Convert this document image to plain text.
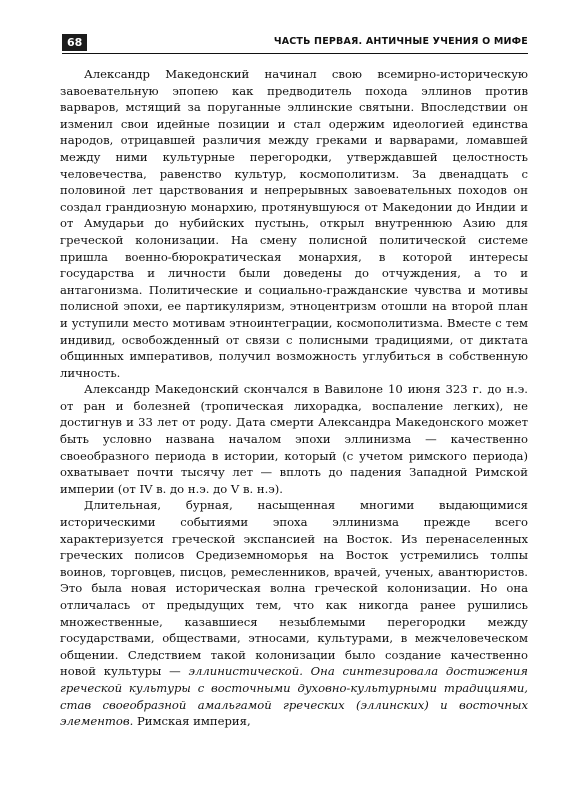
68	ЧАСТЬ ПЕРВАЯ. АНТИЧНЫЕ УЧЕНИЯ О МИФЕ

Александр Македонский начинал свою всемирно-историческую завоевательную эпопею как предводитель похода эллинов против варваров, мстящий за поруганные эллинские святыни. Впоследствии он изменил свои идейные позиции и стал одержим идеологией единства народов, отрицавшей различия между греками и варварами, ломавшей между ними культурные перегородки, утверждавшей целостность человечества, равенство культур, космополитизм. За двенадцать с половиной лет царствования и непрерывных завоевательных походов он создал грандиозную монархию, протянувшуюся от Македонии до Индии и от Амударьи до нубийских пустынь, открыл внутреннюю Азию для греческой колонизации. На смену полисной политической системе пришла военно-бюрократическая монархия, в которой интересы государства и личности были доведены до отчуждения, а то и антагонизма. Политические и социально-гражданские чувства и мотивы полисной эпохи, ее партикуляризм, этноцентризм отошли на второй план и уступили место мотивам этноинтеграции, космополитизма. Вместе с тем индивид, освобожденный от связи с полисными традициями, от диктата общинных императивов, получил возможность углубиться в собственную личность.

Александр Македонский скончался в Вавилоне 10 июня 323 г. до н.э. от ран и болезней (тропическая лихорадка, воспаление легких), не достигнув и 33 лет от роду. Дата смерти Александра Македонского может быть условно названа началом эпохи эллинизма — качественно своеобразного периода в истории, который (с учетом римского периода) охватывает почти тысячу лет — вплоть до падения Западной Римской империи (от IV в. до н.э. до V в. н.э).

Длительная, бурная, насыщенная многими выдающимися историческими событиями эпоха эллинизма прежде всего характеризуется греческой экспансией на Восток. Из перенаселенных греческих полисов Средиземноморья на Восток устремились толпы воинов, торговцев, писцов, ремесленников, врачей, ученых, авантюристов. Это была новая историческая волна греческой колонизации. Но она отличалась от предыдущих тем, что как никогда ранее рушились множественные, казавшиеся незыблемыми перегородки между государствами, обществами, этносами, культурами, в межчеловеческом общении. Следствием такой колонизации было создание качественно новой культуры — эллинистической. Она синтезировала достижения греческой культуры с восточными духовно-культурными традициями, став своеобразной амальгамой греческих (эллинских) и восточных элементов. Римская империя,
